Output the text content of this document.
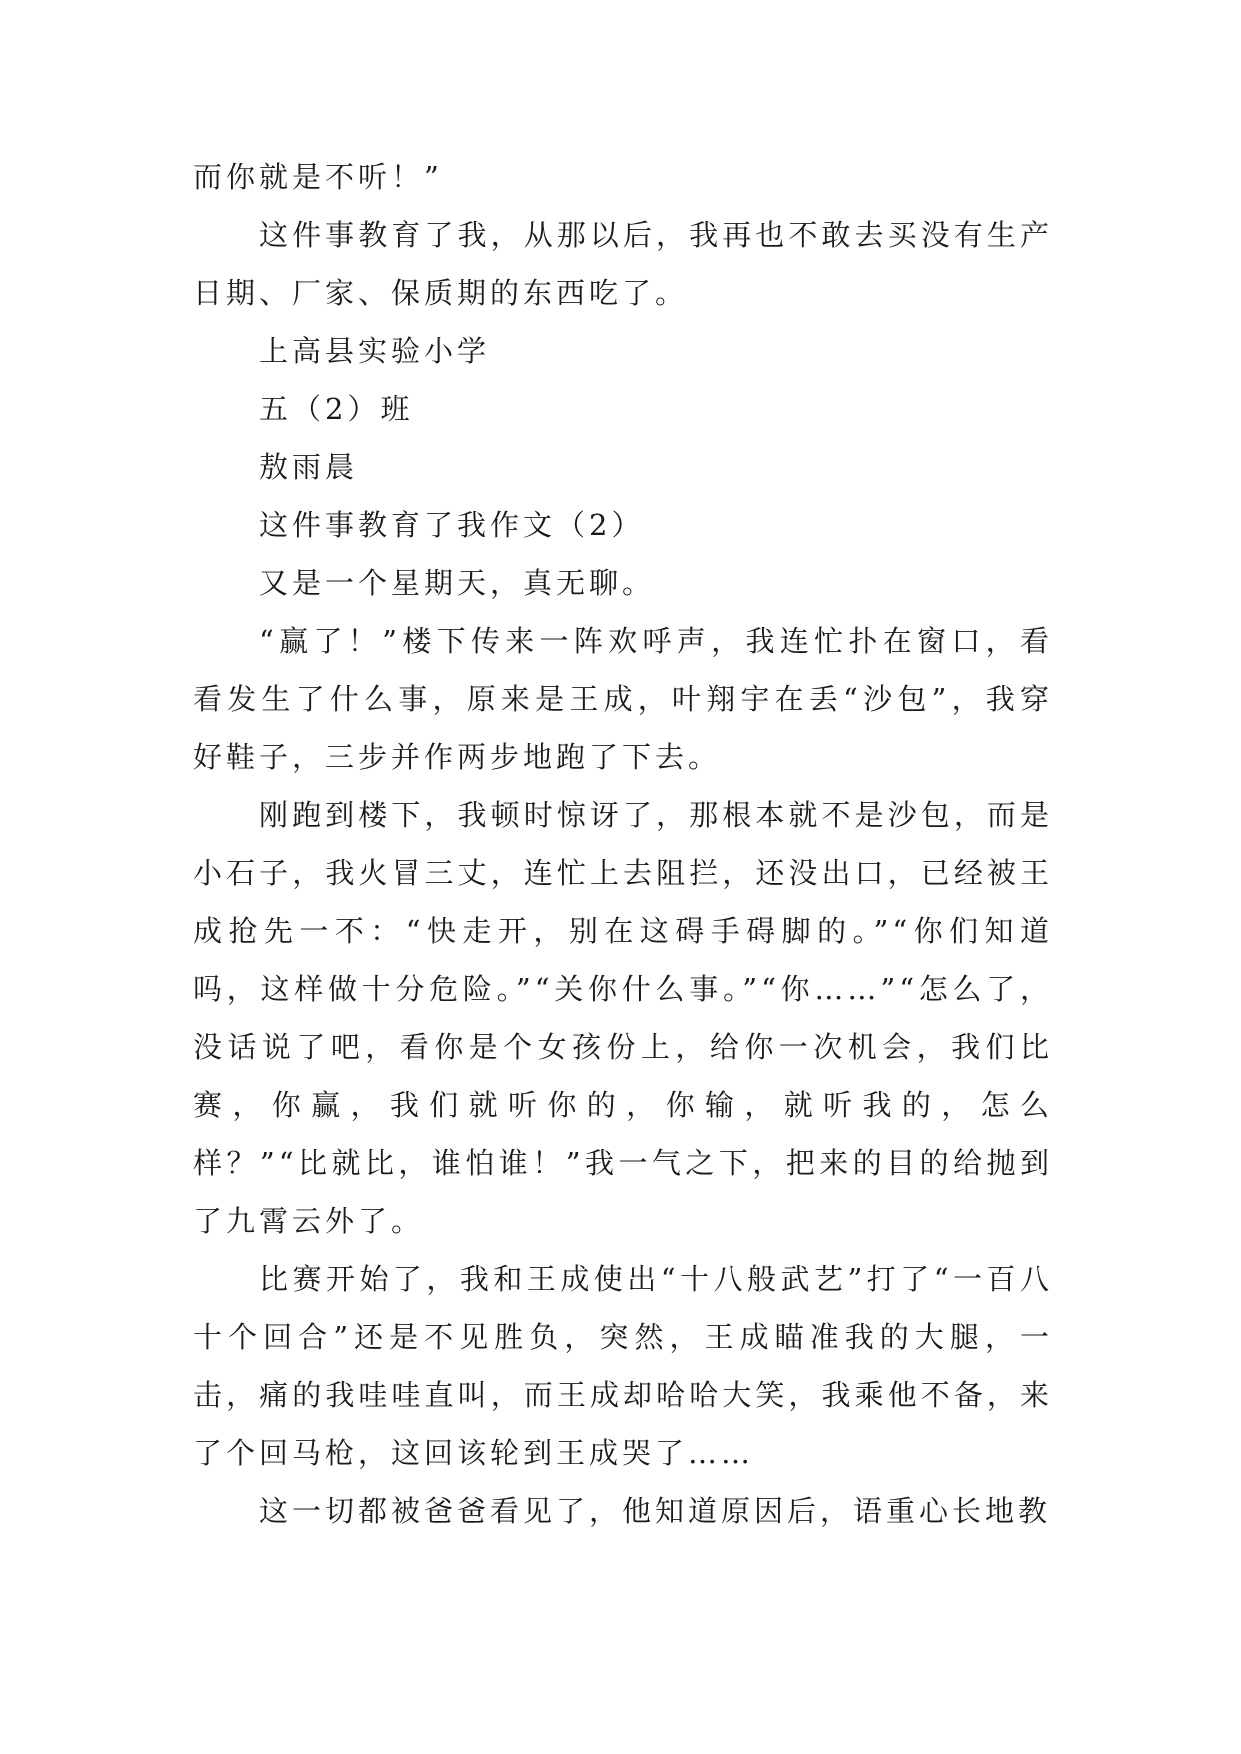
而你就是不听！”

这件事教育了我，从那以后，我再也不敢去买没有生产日期、厂家、保质期的东西吃了。

上高县实验小学

五（2）班

敖雨晨

这件事教育了我作文（2）

又是一个星期天，真无聊。

“赢了！”楼下传来一阵欢呼声，我连忙扑在窗口，看看发生了什么事，原来是王成，叶翔宇在丢“沙包”，我穿好鞋子，三步并作两步地跑了下去。

刚跑到楼下，我顿时惊讶了，那根本就不是沙包，而是小石子，我火冒三丈，连忙上去阻拦，还没出口，已经被王成抢先一不：“快走开，别在这碍手碍脚的。”“你们知道吗，这样做十分危险。”“关你什么事。”“你……”“怎么了，没话说了吧，看你是个女孩份上，给你一次机会，我们比赛，你赢，我们就听你的，你输，就听我的，怎么样？”“比就比，谁怕谁！”我一气之下，把来的目的给抛到了九霄云外了。

比赛开始了，我和王成使出“十八般武艺”打了“一百八十个回合”还是不见胜负，突然，王成瞄准我的大腿，一击，痛的我哇哇直叫，而王成却哈哈大笑，我乘他不备，来了个回马枪，这回该轮到王成哭了……

这一切都被爸爸看见了，他知道原因后，语重心长地教
